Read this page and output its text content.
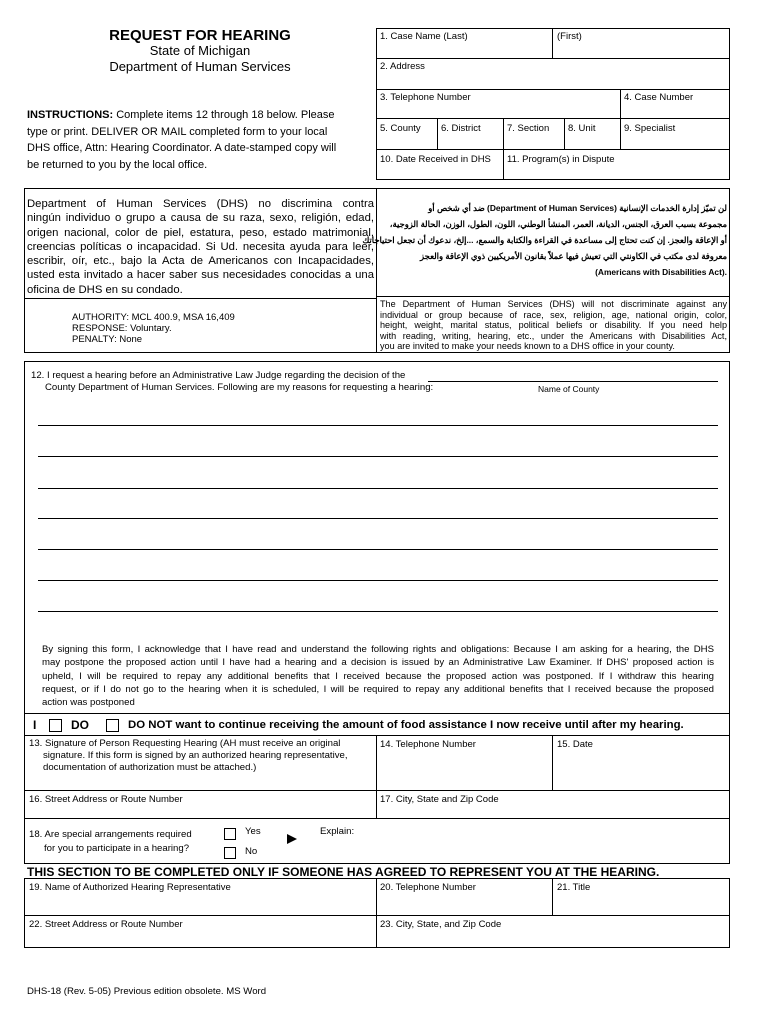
REQUEST FOR HEARING
State of Michigan
Department of Human Services
INSTRUCTIONS: Complete items 12 through 18 below. Please
type or print. DELIVER OR MAIL completed form to your local
DHS office, Attn: Hearing Coordinator. A date-stamped copy will
be returned to you by the local office.
1. Case Name (Last)	(First)
2. Address
3. Telephone Number	4. Case Number
5. County 6. District	7. Section 8. Unit	9. Specialist
10. Date Received in DHS 11. Program(s) in Dispute
Department of Human Services (DHS) no discrimina contra
ningún individuo o grupo a causa de su raza, sexo, religión, edad,
origen nacional, color de piel, estatura, peso, estado matrimonial,
creencias políticas o incapacidad. Si Ud. necesita ayuda para leer,
escribir, oír, etc., bajo la Acta de Americanos con Incapacidades,
usted esta invitado a hacer saber sus necesidades conocidas a una
oficina de DHS en su condado.
لن تميّز إدارة الخدمات الإنسانية (Department of Human Services) ضد أي شخص أو
مجموعة بسبب العرق، الجنس، الديانة، العمر، المنشأ الوطني، اللون، الطول، الوزن، الحالة الزوجية،
أو الإعاقة والعجز. إن كنت تحتاج إلى مساعدة في القراءة والكتابة والسمع، ...إلخ، ندعوك أن تجعل احتياجاتك
معروفة لدى مكتب في الكاونتي التي تعيش فيها عملاً بقانون الأمريكيين ذوي الإعاقة والعجز
.(Americans with Disabilities Act)
AUTHORITY: MCL 400.9, MSA 16,409
RESPONSE: Voluntary.
PENALTY: None
The Department of Human Services (DHS) will not discriminate against any
individual or group because of race, sex, religion, age, national origin, color,
height, weight, marital status, political beliefs or disability. If you need help
with reading, writing, hearing, etc., under the Americans with Disabilities Act,
you are invited to make your needs known to a DHS office in your county.
12. I request a hearing before an Administrative Law Judge regarding the decision of the
County Department of Human Services. Following are my reasons for requesting a hearing:	Name of County
By signing this form, I acknowledge that I have read and understand the following rights and obligations: Because I am asking for a hearing, the DHS
may postpone the proposed action until I have had a hearing and a decision is issued by an Administrative Law Examiner. If DHS' proposed action is
upheld, I will be required to repay any additional benefits that I received because the proposed action was postponed. If I withdraw this hearing
request, or if I do not go to the hearing when it is scheduled, I will be required to repay any additional benefits that I received because the proposed
action was postponed
I	DO	DO NOT want to continue receiving the amount of food assistance I now receive until after my hearing.
13. Signature of Person Requesting Hearing (AH must receive an original
signature. If this form is signed by an authorized hearing representative,
documentation of authorization must be attached.)
14. Telephone Number	15. Date
16. Street Address or Route Number	17. City, State and Zip Code
18. Are special arrangements required
for you to participate in a hearing?
Yes
No
Explain:
THIS SECTION TO BE COMPLETED ONLY IF SOMEONE HAS AGREED TO REPRESENT YOU AT THE HEARING.
19. Name of Authorized Hearing Representative	20. Telephone Number	21. Title
22. Street Address or Route Number	23. City, State, and Zip Code
DHS-18 (Rev. 5-05) Previous edition obsolete. MS Word
